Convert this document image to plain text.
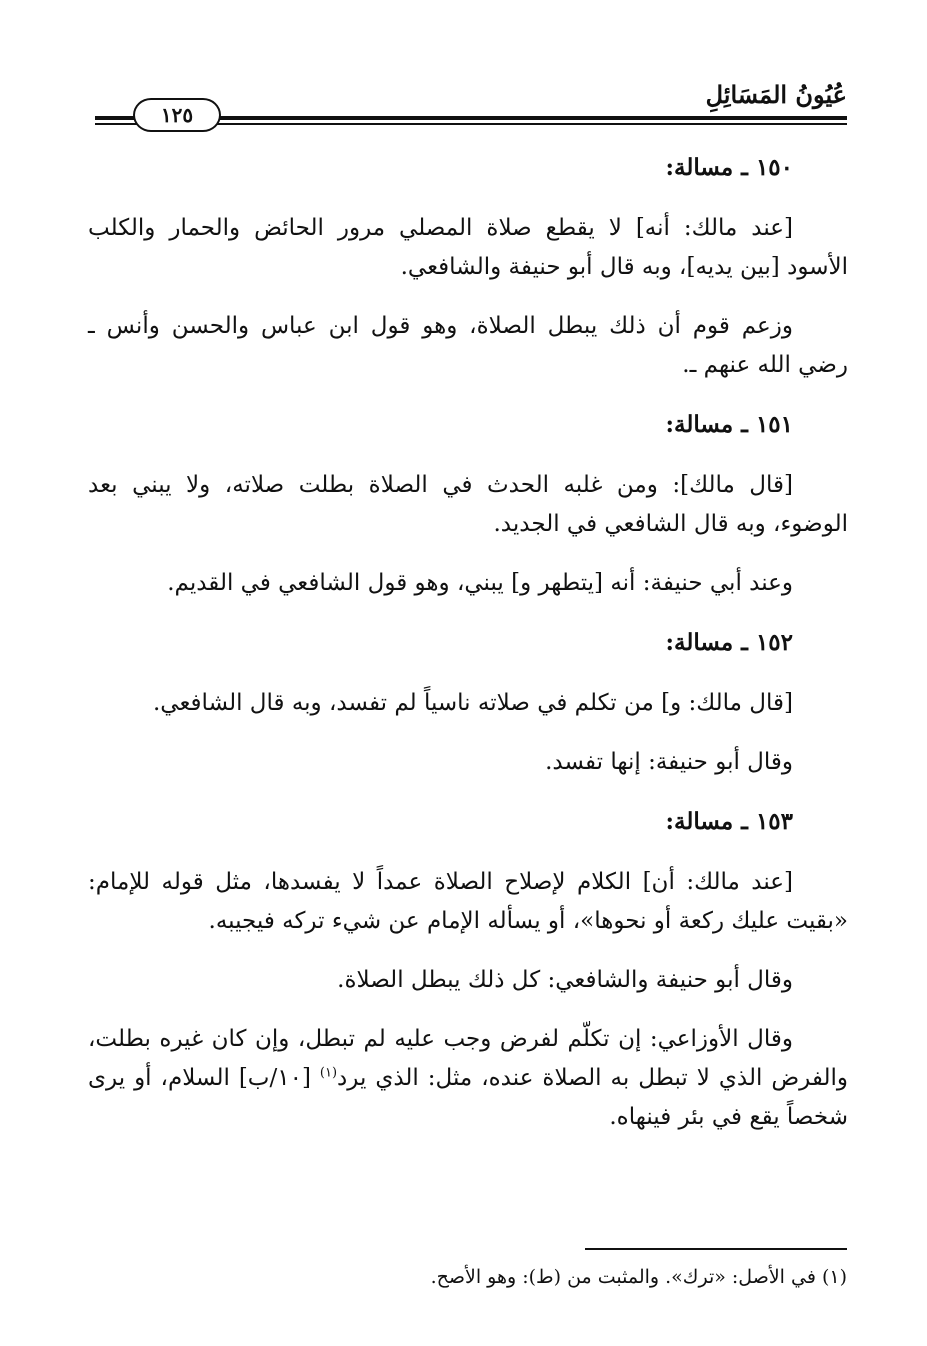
عُيُونُ المَسَائِلِ
١٢٥
١٥٠ ـ مسالة:

[عند مالك: أنه] لا يقطع صلاة المصلي مرور الحائض والحمار والكلب الأسود [بين يديه]، وبه قال أبو حنيفة والشافعي.

وزعم قوم أن ذلك يبطل الصلاة، وهو قول ابن عباس والحسن وأنس ـ رضي الله عنهم ـ.

١٥١ ـ مسالة:

[قال مالك]: ومن غلبه الحدث في الصلاة بطلت صلاته، ولا يبني بعد الوضوء، وبه قال الشافعي في الجديد.

وعند أبي حنيفة: أنه [يتطهر و] يبني، وهو قول الشافعي في القديم.

١٥٢ ـ مسالة:

[قال مالك: و] من تكلم في صلاته ناسياً لم تفسد، وبه قال الشافعي.

وقال أبو حنيفة: إنها تفسد.

١٥٣ ـ مسالة:

[عند مالك: أن] الكلام لإصلاح الصلاة عمداً لا يفسدها، مثل قوله للإمام: «بقيت عليك ركعة أو نحوها»، أو يسأله الإمام عن شيء تركه فيجيبه.

وقال أبو حنيفة والشافعي: كل ذلك يبطل الصلاة.

وقال الأوزاعي: إن تكلّم لفرض وجب عليه لم تبطل، وإن كان غيره بطلت، والفرض الذي لا تبطل به الصلاة عنده، مثل: الذي يرد$^{(١)}$ [١٠/ب] السلام، أو يرى شخصاً يقع في بئر فينهاه.

(١) في الأصل: «ترك». والمثبت من (ط): وهو الأصح.
